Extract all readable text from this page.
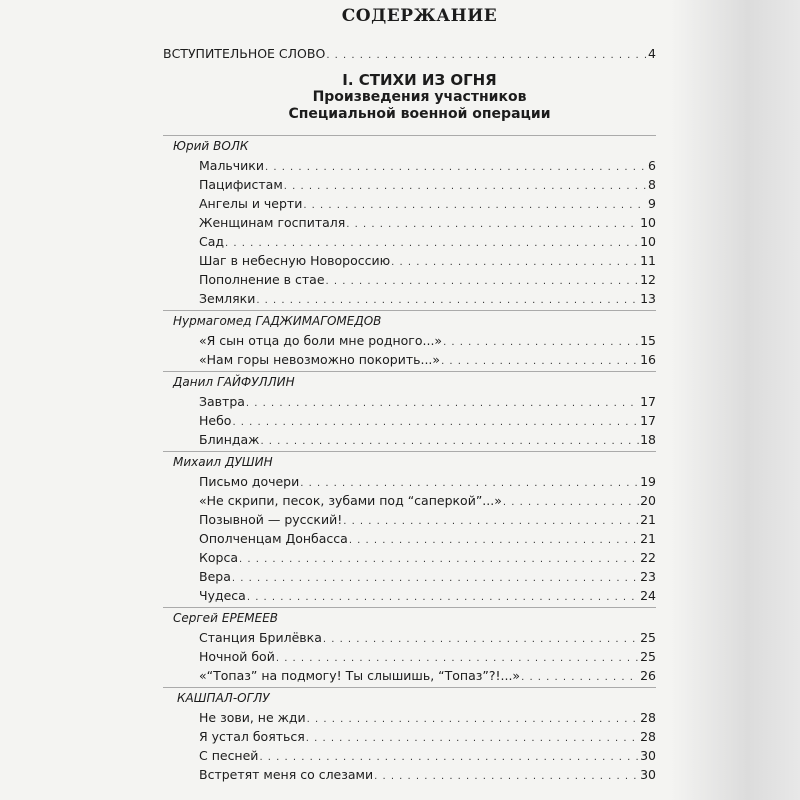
СОДЕРЖАНИЕ
ВСТУПИТЕЛЬНОЕ СЛОВО . . .	4
I. СТИХИ ИЗ ОГНЯ
Произведения участников
Специальной военной операции
Юрий ВОЛК
Мальчики . . .	6
Пацифистам . . .	8
Ангелы и черти . . .	9
Женщинам госпиталя . . .	10
Сад . . .	10
Шаг в небесную Новороссию . . .	11
Пополнение в стае . . .	12
Земляки . . .	13
Нурмагомед ГАДЖИМАГОМЕДОВ
«Я сын отца до боли мне родного...» . . .	15
«Нам горы невозможно покорить...» . . .	16
Данил ГАЙФУЛЛИН
Завтра . . .	17
Небо . . .	17
Блиндаж . . .	18
Михаил ДУШИН
Письмо дочери . . .	19
«Не скрипи, песок, зубами под “саперкой”...» . . .	20
Позывной — русский! . . .	21
Ополченцам Донбасса . . .	21
Корса . . .	22
Вера . . .	23
Чудеса . . .	24
Сергей ЕРЕМЕЕВ
Станция Брилёвка . . .	25
Ночной бой . . .	25
«“Топаз” на подмогу! Ты слышишь, “Топаз”?!...» . . .	26
КАШПАЛ-ОГЛУ
Не зови, не жди . . .	28
Я устал бояться . . .	28
С песней . . .	30
Встретят меня со слезами . . .	30
